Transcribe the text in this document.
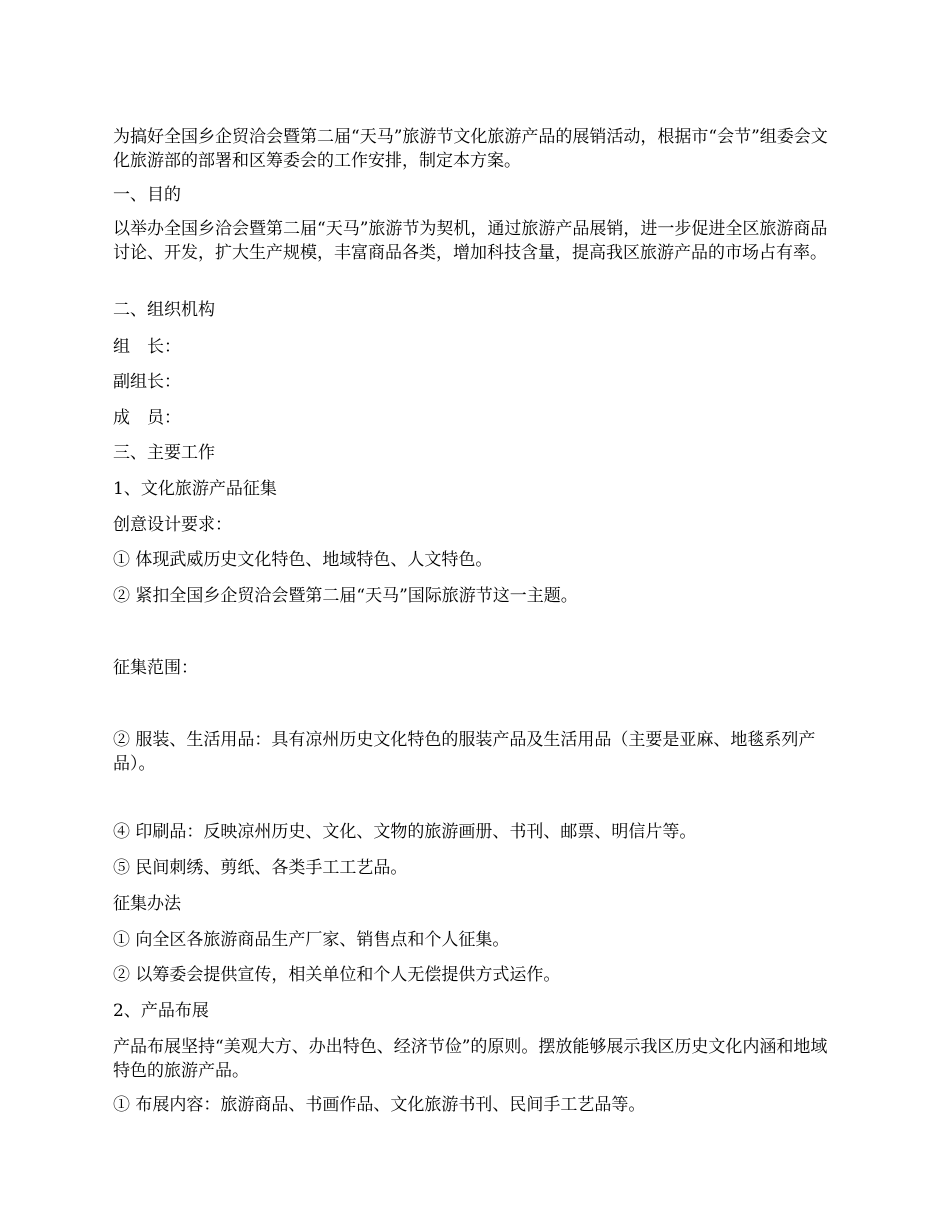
为搞好全国乡企贸洽会暨第二届“天马”旅游节文化旅游产品的展销活动，根据市“会节”组委会文化旅游部的部署和区筹委会的工作安排，制定本方案。

一、目的

以举办全国乡洽会暨第二届“天马”旅游节为契机，通过旅游产品展销，进一步促进全区旅游商品讨论、开发，扩大生产规模，丰富商品各类，增加科技含量，提高我区旅游产品的市场占有率。

二、组织机构

组　长：

副组长：

成　员：

三、主要工作

1、文化旅游产品征集

创意设计要求：

① 体现武威历史文化特色、地域特色、人文特色。

② 紧扣全国乡企贸洽会暨第二届“天马”国际旅游节这一主题。

征集范围：

② 服装、生活用品：具有凉州历史文化特色的服装产品及生活用品（主要是亚麻、地毯系列产品）。

④ 印刷品：反映凉州历史、文化、文物的旅游画册、书刊、邮票、明信片等。

⑤ 民间刺绣、剪纸、各类手工工艺品。

征集办法

① 向全区各旅游商品生产厂家、销售点和个人征集。

② 以筹委会提供宣传，相关单位和个人无偿提供方式运作。

2、产品布展

产品布展坚持“美观大方、办出特色、经济节俭”的原则。摆放能够展示我区历史文化内涵和地域特色的旅游产品。

① 布展内容：旅游商品、书画作品、文化旅游书刊、民间手工艺品等。
